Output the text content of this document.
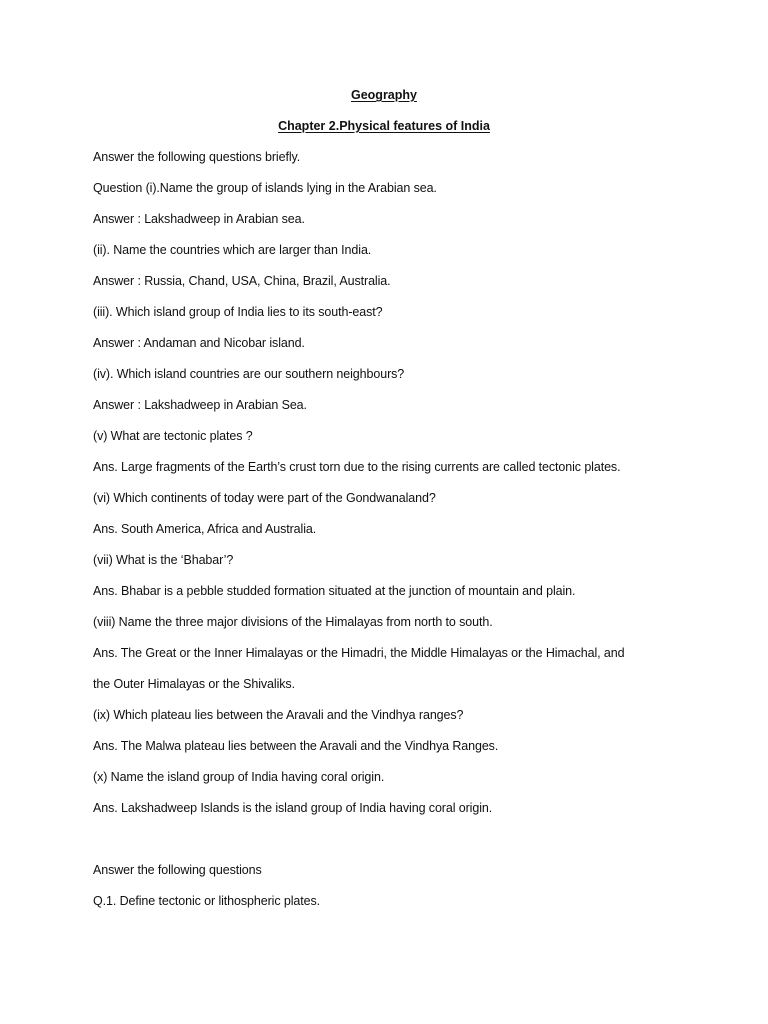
Geography
Chapter 2.Physical features of India
Answer the following questions briefly.
Question (i).Name the group of islands lying in the Arabian sea.
Answer : Lakshadweep in Arabian sea.
(ii). Name the countries which are larger than India.
Answer : Russia, Chand, USA, China, Brazil, Australia.
(iii). Which island group of India lies to its south-east?
Answer : Andaman and Nicobar island.
(iv). Which island countries are our southern neighbours?
Answer : Lakshadweep in Arabian Sea.
(v) What are tectonic plates ?
Ans. Large fragments of the Earth’s crust torn due to the rising currents are called tectonic plates.
(vi) Which continents of today were part of the Gondwanaland?
Ans. South America, Africa and Australia.
(vii) What is the ‘Bhabar’?
Ans. Bhabar is a pebble studded formation situated at the junction of mountain and plain.
(viii) Name the three major divisions of the Himalayas from north to south.
Ans. The Great or the Inner Himalayas or the Himadri, the Middle Himalayas or the Himachal, and
the Outer Himalayas or the Shivaliks.
(ix) Which plateau lies between the Aravali and the Vindhya ranges?
Ans. The Malwa plateau lies between the Aravali and the Vindhya Ranges.
(x) Name the island group of India having coral origin.
Ans. Lakshadweep Islands is the island group of India having coral origin.
Answer the following questions
Q.1. Define tectonic or lithospheric plates.
